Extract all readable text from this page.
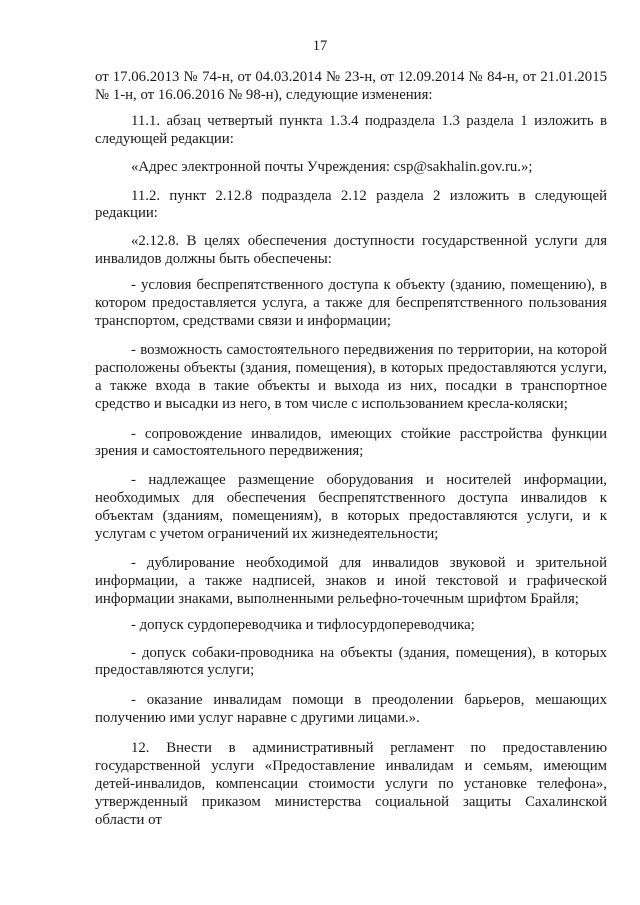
17

от 17.06.2013 № 74-н, от 04.03.2014 № 23-н, от 12.09.2014 № 84-н, от 21.01.2015 № 1-н, от 16.06.2016 № 98-н), следующие изменения:

11.1. абзац четвертый пункта 1.3.4 подраздела 1.3 раздела 1 изложить в следующей редакции:

«Адрес электронной почты Учреждения: csp@sakhalin.gov.ru.»;

11.2. пункт 2.12.8 подраздела 2.12 раздела 2 изложить в следующей редакции:

«2.12.8. В целях обеспечения доступности государственной услуги для инвалидов должны быть обеспечены:

- условия беспрепятственного доступа к объекту (зданию, помещению), в котором предоставляется услуга, а также для беспрепятственного пользования транспортом, средствами связи и информации;

- возможность самостоятельного передвижения по территории, на которой расположены объекты (здания, помещения), в которых предоставляются услуги, а также входа в такие объекты и выхода из них, посадки в транспортное средство и высадки из него, в том числе с использованием кресла-коляски;

- сопровождение инвалидов, имеющих стойкие расстройства функции зрения и самостоятельного передвижения;

- надлежащее размещение оборудования и носителей информации, необходимых для обеспечения беспрепятственного доступа инвалидов к объектам (зданиям, помещениям), в которых предоставляются услуги, и к услугам с учетом ограничений их жизнедеятельности;

- дублирование необходимой для инвалидов звуковой и зрительной информации, а также надписей, знаков и иной текстовой и графической информации знаками, выполненными рельефно-точечным шрифтом Брайля;

- допуск сурдопереводчика и тифлосурдопереводчика;

- допуск собаки-проводника на объекты (здания, помещения), в которых предоставляются услуги;

- оказание инвалидам помощи в преодолении барьеров, мешающих получению ими услуг наравне с другими лицами.».

12. Внести в административный регламент по предоставлению государственной услуги «Предоставление инвалидам и семьям, имеющим детей-инвалидов, компенсации стоимости услуги по установке телефона», утвержденный приказом министерства социальной защиты Сахалинской области от
